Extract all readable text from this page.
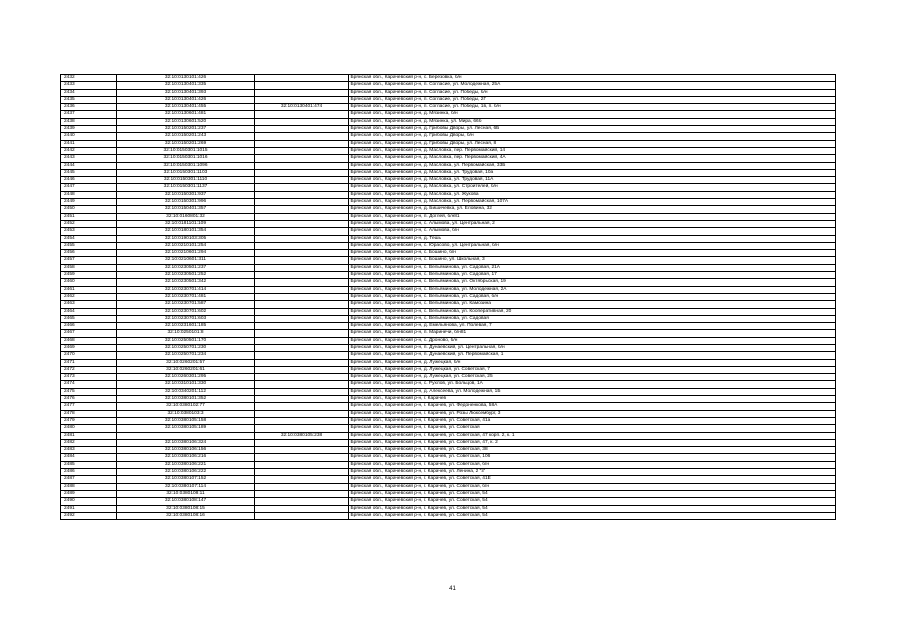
2432	32:10:0130101:426		Брянская обл., Карачевский р-н, с. Березовка, б/н
2433	32:10:0130401:335		Брянская обл., Карачевский р-н, п. Согласие, ул. Молодежная, 25А
2434	32:10:0130401:393		Брянская обл., Карачевский р-н, п. Согласие, ул. Победы, б/н
2435	32:10:0130401:426		Брянская обл., Карачевский р-н, п. Согласие, ул. Победы, 2Г
2436	32:10:0130401:455	32:10:0130401:474	Брянская обл., Карачевский р-н, п. Согласие, ул. Победы, 1в, п. б/н
2437	32:10:0130601:481		Брянская обл., Карачевский р-н, д. Мязинка, б/н
2438	32:10:0130601:520		Брянская обл., Карачевский р-н, д. Мязинка, ул. Мира, 66б
2439	32:10:0150201:237		Брянская обл., Карачевский р-н, д. Грибовы Дворы, ул. Лесная, 6Б
2440	32:10:0150201:243		Брянская обл., Карачевский р-н, д. Грибовы Дворы, б/н
2441	32:10:0150201:269		Брянская обл., Карачевский р-н, д. Грибовы Дворы, ул. Лесная, 8
2442	32:10:0150301:1015		Брянская обл., Карачевский р-н, д. Масловка, пер. Первомайский, 14
2443	32:10:0150301:1016		Брянская обл., Карачевский р-н, д. Масловка, пер. Первомайский, 4А
2444	32:10:0150301:1096		Брянская обл., Карачевский р-н, д. Масловка, ул. Первомайская, 33Б
2445	32:10:0150301:1103		Брянская обл., Карачевский р-н, д. Масловка, ул. Трудовая, 10а
2446	32:10:0150301:1110		Брянская обл., Карачевский р-н, д. Масловка, ул. Трудовая, 11А
2447	32:10:0150301:1137		Брянская обл., Карачевский р-н, д. Масловка, ул. Строителей, б/н
2448	32:10:0150301:937		Брянская обл., Карачевский р-н, д. Масловка, ул. Жукова
2449	32:10:0150301:996		Брянская обл., Карачевский р-н, д. Масловка, ул. Первомайская, 107А
2450	32:10:0150401:357		Брянская обл., Карачевский р-н, д. Бишичевка, ул. Еловина, 32
2451	32:10:0160801:32		Брянская обл., Карачевский р-н, п. Доглей, б/н81
2452	32:10:0181101:109		Брянская обл., Карачевский р-н, с. Алымова, ул. Центральная, 2
2453	32:10:0180101:354		Брянская обл., Карачевский р-н, с. Алымова, б/н
2454	32:10:0190103:305		Брянская обл., Карачевский р-н, д. Тешь
2455	32:10:0210101:254		Брянская обл., Карачевский р-н, с. Юрасово, ул. Центральная, б/н
2456	32:10:0210601:294		Брянская обл., Карачевский р-н, с. Бошино, б/н
2457	32:10:0210601:311		Брянская обл., Карачевский р-н, с. Бошино, ул. Школьная, 3
2458	32:10:0230501:237		Брянская обл., Карачевский р-н, с. Вельяминова, ул. Садовая, 21А
2459	32:10:0230501:252		Брянская обл., Карачевский р-н, с. Вельяминова, ул. Садовая, 17
2460	32:10:0230501:342		Брянская обл., Карачевский р-н, с. Вельяминова, ул. Октябрьская, 19
2461	32:10:0230701:414		Брянская обл., Карачевский р-н, с. Вельяминова, ул. Молодежная, 2А
2462	32:10:0230701:481		Брянская обл., Карачевский р-н, с. Вельяминова, ул. Садовая, б/н
2463	32:10:0230701:587		Брянская обл., Карачевский р-н, с. Вельяминова, ул. Камозина
2464	32:10:0230701:602		Брянская обл., Карачевский р-н, с. Вельяминова, ул. Кооперативная, 20
2465	32:10:0230701:603		Брянская обл., Карачевский р-н, с. Вельяминова, ул. Садовая
2466	32:10:0231601:185		Брянская обл., Карачевский р-н, д. Емельянова, ул. Полевая, 7
2467	32:10:0250101:8		Брянская обл., Карачевский р-н, п. Маринечи, б/н81
2468	32:10:0250501:170		Брянская обл., Карачевский р-н, с. Дроново, б/н
2469	32:10:0250701:230		Брянская обл., Карачевский р-н, п. Дунаевский, ул. Центральная, б/н
2470	32:10:0250701:234		Брянская обл., Карачевский р-н, п. Дунаевский, ул. Первомайская, 1
2471	32:10:0260201:57		Брянская обл., Карачевский р-н, д. Лужецкая, б/н
2472	32:10:0260201:61		Брянская обл., Карачевский р-н, д. Лужецкая, ул. Советская, 7
2473	32:10:0260301:295		Брянская обл., Карачевский р-н, д. Лужецкая, ул. Советская, 25
2474	32:10:0310101:330		Брянская обл., Карачевский р-н, с. Рухлов, ул. Больцов, 1А
2475	32:10:0340201:112		Брянская обл., Карачевский р-н, д. Алексеева, ул. Молодежная, 1Б
2476	32:10:0380101:352		Брянская обл., Карачевский р-н, г. Карачев
2477	32:10:0380102:77		Брянская обл., Карачевский р-н, г. Карачев, ул. Федоненкова, 58А
2478	32:10:0380103:3		Брянская обл., Карачевский р-н, г. Карачев, ул. Розы Люксембург, 3
2479	32:10:0380105:158		Брянская обл., Карачевский р-н, г. Карачев, ул. Советская, 41а
2480	32:10:0380105:189		Брянская обл., Карачевский р-н, г. Карачев, ул. Советская
2481		32:10:0380105:238	Брянская обл., Карачевский р-н, г. Карачев, ул. Советская, 47 корп. 2, к. 1
2482	32:10:0380106:324		Брянская обл., Карачевский р-н, г. Карачев, ул. Советская, 47, к. 2
2483	32:10:0380106:156		Брянская обл., Карачевский р-н, г. Карачев, ул. Советская, 38
2484	32:10:0380106:216		Брянская обл., Карачевский р-н, г. Карачев, ул. Советская, 106
2485	32:10:0380106:221		Брянская обл., Карачевский р-н, г. Карачев, ул. Советская, б/н
2486	32:10:0380106:222		Брянская обл., Карачевский р-н, г. Карачев, ул. Ленина, 2 "з"
2487	32:10:0380107:152		Брянская обл., Карачевский р-н, г. Карачев, ул. Советская, 41Е
2488	32:10:0380107:114		Брянская обл., Карачевский р-н, г. Карачев, ул. Советская, б/н
2489	32:10:0380108:11		Брянская обл., Карачевский р-н, г. Карачев, ул. Советская, 54
2490	32:10:0380108:147		Брянская обл., Карачевский р-н, г. Карачев, ул. Советская, 54
2491	32:10:0380108:15		Брянская обл., Карачевский р-н, г. Карачев, ул. Советская, 54
2492	32:10:0380108:16		Брянская обл., Карачевский р-н, г. Карачев, ул. Советская, 54
41
